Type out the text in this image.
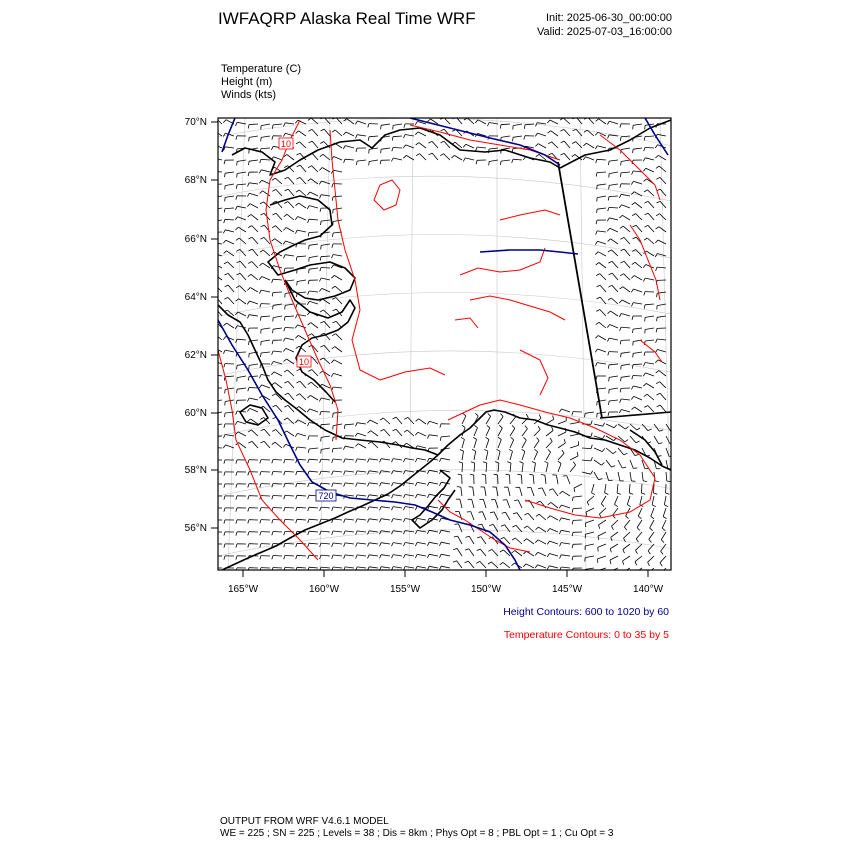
IWFAQRP Alaska Real Time WRF	Init: 2025-06-30_00:00:00
Valid: 2025-07-03_16:00:00
Temperature (C)
Height (m)
Winds (kts)
10
10
720
70°N
68°N
66°N
64°N
62°N
60°N
58°N
56°N
165°W	160°W	155°W	150°W	145°W	140°W
Height Contours: 600 to 1020 by 60
Temperature Contours: 0 to 35 by 5
OUTPUT FROM WRF V4.6.1 MODEL
WE = 225 ; SN = 225 ; Levels = 38 ; Dis = 8km ; Phys Opt = 8 ; PBL Opt = 1 ; Cu Opt = 3
